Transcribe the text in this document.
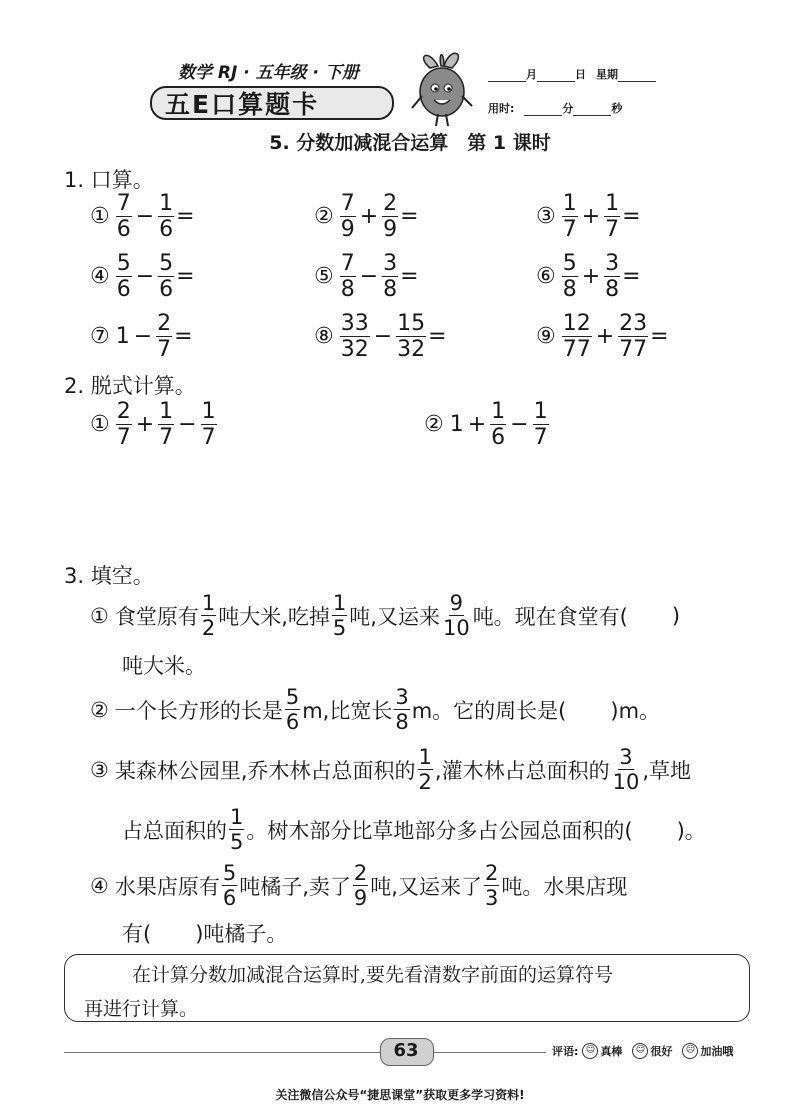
数学 RJ · 五年级 · 下册
五E口算题卡
月	日 星期
用时:	分	秒
5. 分数加减混合运算　第 1 课时
1. 口算。
①
7
6
− $\frac{1}{6}$ =	②
7
9
+ $\frac{2}{9}$ =	③
1
7
+ $\frac{1}{7}$ =
④
5
6
− $\frac{5}{6}$ =	⑤
7
8
− $\frac{3}{8}$ =	⑥
5
8
+ $\frac{3}{8}$ =
⑦ $1 - \frac{2}{7}$ =	⑧
33
32
− $\frac{15}{32}$ =	⑨
12
77
+ $\frac{23}{77}$ =
2. 脱式计算。
①
2
7
+ $\frac{1}{7} - \frac{1}{7}$	② $1 + \frac{1}{6} - \frac{1}{7}$
3. 填空。
① 食堂原有
1
2 吨大米,吃掉
1
5 吨,又运来
9
10 吨。现在食堂有( )
吨大米。
② 一个长方形的长是
5
6 m,比宽长
3
8 m。它的周长是( )m。
③ 某森林公园里,乔木林占总面积的
1
2 ,灌木林占总面积的
3
10 ,草地
占总面积的
1
5 。树木部分比草地部分多占公园总面积的( )。
④ 水果店原有
5
6 吨橘子,卖了
2
9 吨,又运来了
2
3 吨。水果店现
有( )吨橘子。
在计算分数加减混合运算时,要先看清数字前面的运算符号
再进行计算。
63	评语: ☺ 真棒	☺ 很好	☹ 加油哦
关注微信公众号“捷思课堂”获取更多学习资料!
